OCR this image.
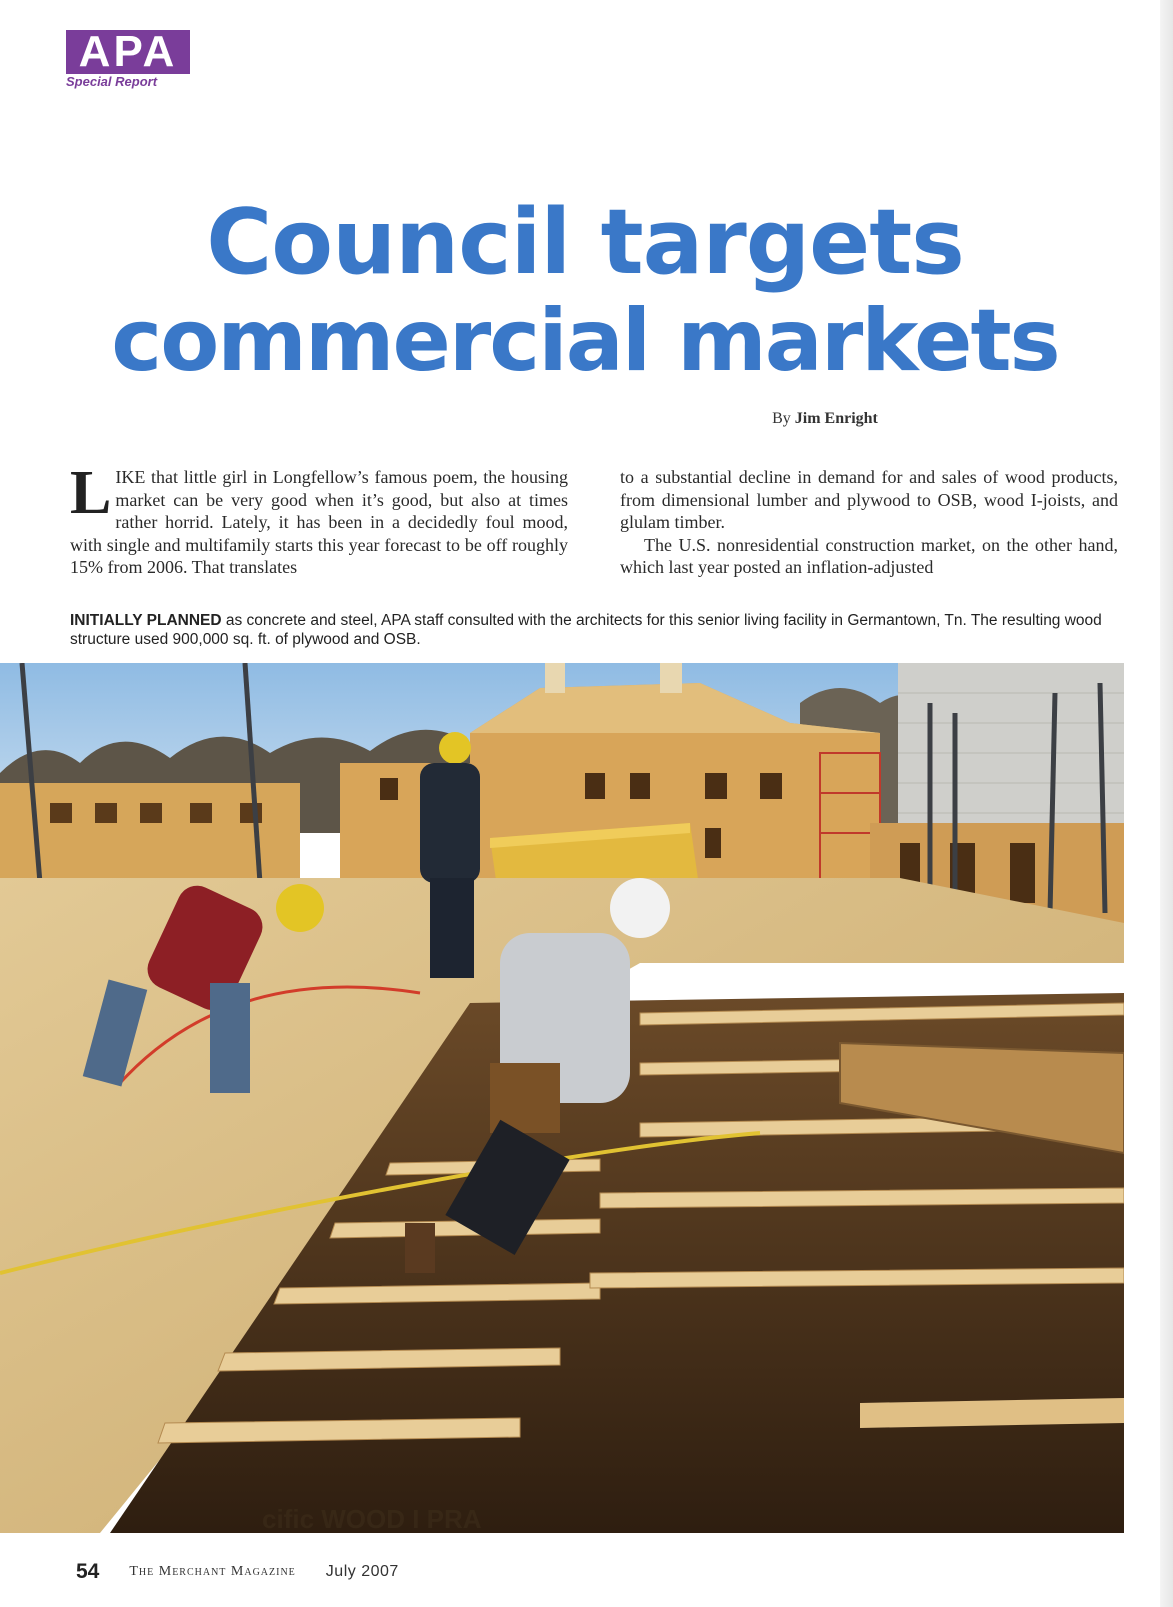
APA
Special Report
Council targets
commercial markets
By Jim Enright
L IKE that little girl in Longfellow’s famous poem, the housing market can be very good when it’s good, but also at times rather horrid. Lately, it has been in a decidedly foul mood, with single and multifamily starts this year forecast to be off roughly 15% from 2006. That translates

to a substantial decline in demand for and sales of wood products, from dimensional lumber and plywood to OSB, wood I-joists, and glulam timber.

The U.S. nonresidential construction market, on the other hand, which last year posted an inflation-adjusted

INITIALLY PLANNED as concrete and steel, APA staff consulted with the architects for this senior living facility in Germantown, Tn. The resulting wood structure used 900,000 sq. ft. of plywood and OSB.

cific WOOD I PRA
54 The Merchant Magazine July 2007
